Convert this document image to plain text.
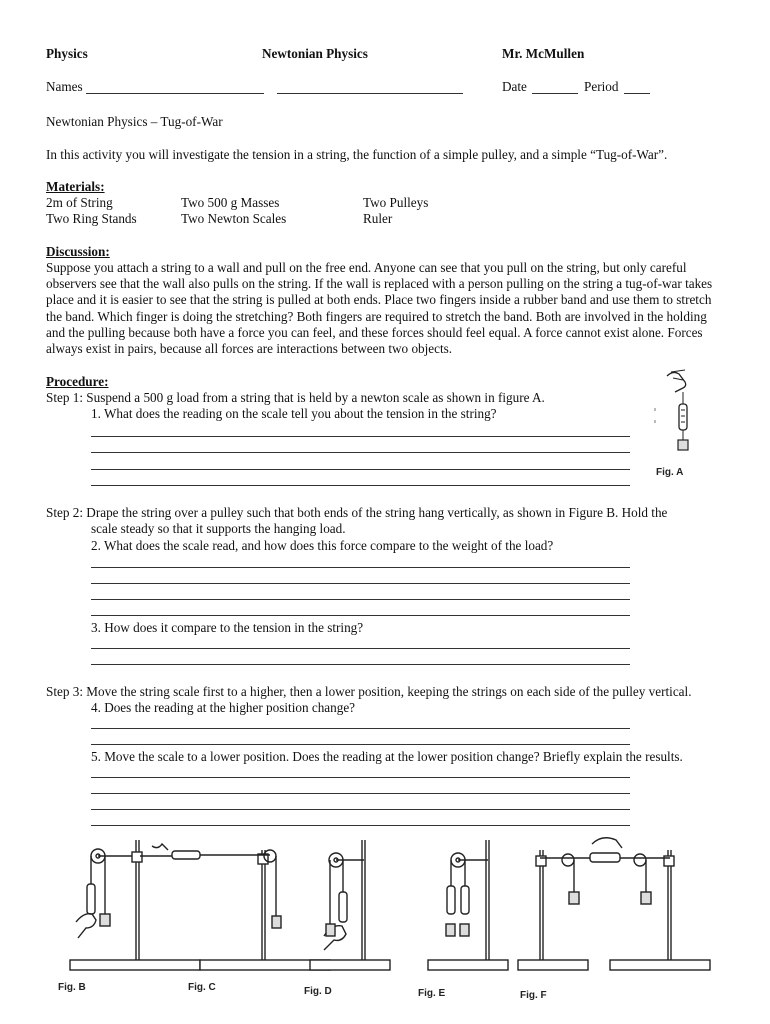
Physics	Newtonian Physics	Mr. McMullen
Names	Date	Period
Newtonian Physics – Tug-of-War
In this activity you will investigate the tension in a string, the function of a simple pulley, and a simple “Tug-of-War”.
Materials:
2m of String	Two 500 g Masses	Two Pulleys
Two Ring Stands	Two Newton Scales	Ruler
Discussion:
Suppose you attach a string to a wall and pull on the free end. Anyone can see that you pull on the string, but only careful observers see that the wall also pulls on the string. If the wall is replaced with a person pulling on the string a tug-of-war takes place and it is easier to see that the string is pulled at both ends. Place two fingers inside a rubber band and use them to stretch the band. Which finger is doing the stretching? Both fingers are required to stretch the band. Both are involved in the holding and the pulling because both have a force you can feel, and these forces should feel equal. A force cannot exist alone. Forces always exist in pairs, because all forces are interactions between two objects.
Procedure:
Step 1: Suspend a 500 g load from a string that is held by a newton scale as shown in figure A.
1. What does the reading on the scale tell you about the tension in the string?
Fig. A
Step 2: Drape the string over a pulley such that both ends of the string hang vertically, as shown in Figure B. Hold the
scale steady so that it supports the hanging load.
2. What does the scale read, and how does this force compare to the weight of the load?
3. How does it compare to the tension in the string?
Step 3: Move the string scale first to a higher, then a lower position, keeping the strings on each side of the pulley vertical.
4. Does the reading at the higher position change?
5. Move the scale to a lower position. Does the reading at the lower position change? Briefly explain the results.
Fig. B	Fig. C	Fig. D	Fig. E	Fig. F
